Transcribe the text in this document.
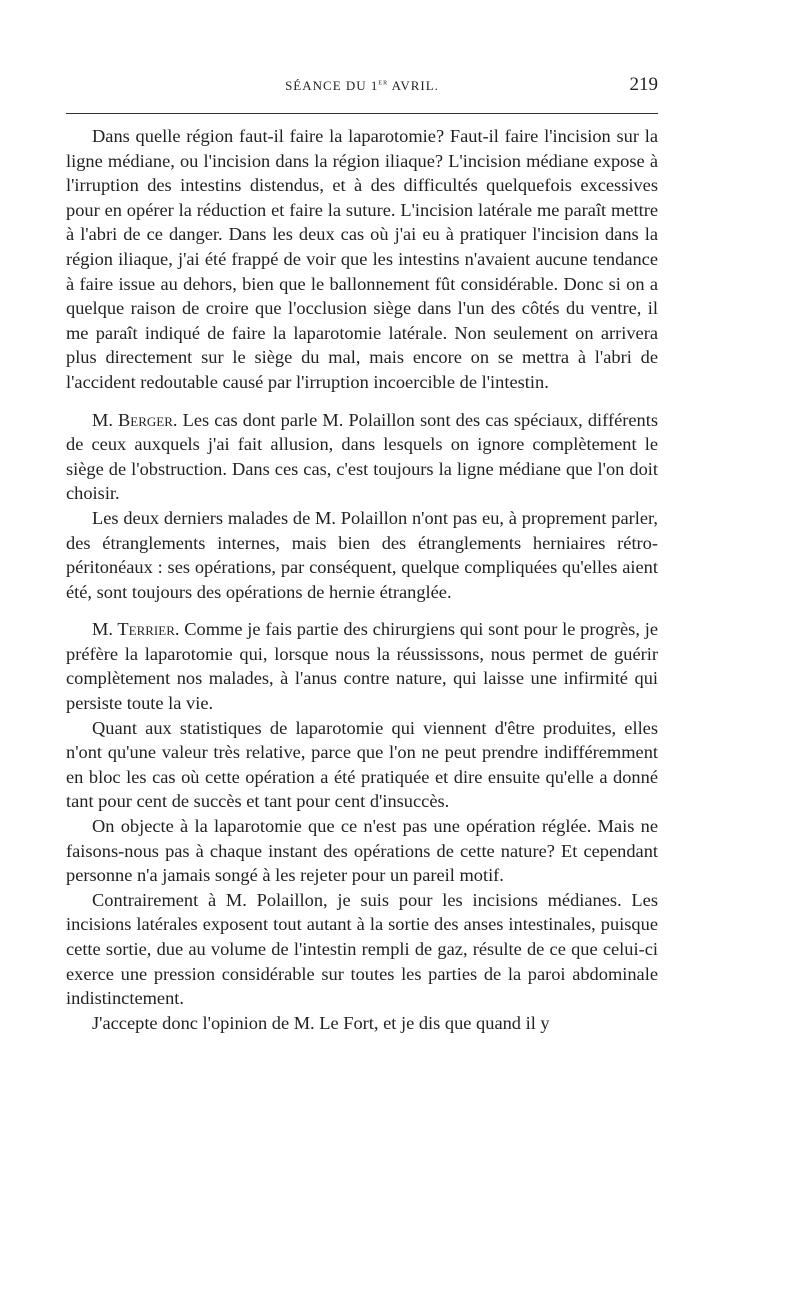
SÉANCE DU 1er AVRIL.	219

Dans quelle région faut-il faire la laparotomie? Faut-il faire l'incision sur la ligne médiane, ou l'incision dans la région iliaque? L'incision médiane expose à l'irruption des intestins distendus, et à des difficultés quelquefois excessives pour en opérer la réduction et faire la suture. L'incision latérale me paraît mettre à l'abri de ce danger. Dans les deux cas où j'ai eu à pratiquer l'incision dans la région iliaque, j'ai été frappé de voir que les intestins n'avaient aucune tendance à faire issue au dehors, bien que le ballonnement fût considérable. Donc si on a quelque raison de croire que l'occlusion siège dans l'un des côtés du ventre, il me paraît indiqué de faire la laparotomie latérale. Non seulement on arrivera plus directement sur le siège du mal, mais encore on se mettra à l'abri de l'accident redoutable causé par l'irruption incoercible de l'intestin.

M. Berger. Les cas dont parle M. Polaillon sont des cas spéciaux, différents de ceux auxquels j'ai fait allusion, dans lesquels on ignore complètement le siège de l'obstruction. Dans ces cas, c'est toujours la ligne médiane que l'on doit choisir.

Les deux derniers malades de M. Polaillon n'ont pas eu, à proprement parler, des étranglements internes, mais bien des étranglements herniaires rétro-péritonéaux : ses opérations, par conséquent, quelque compliquées qu'elles aient été, sont toujours des opérations de hernie étranglée.

M. Terrier. Comme je fais partie des chirurgiens qui sont pour le progrès, je préfère la laparotomie qui, lorsque nous la réussissons, nous permet de guérir complètement nos malades, à l'anus contre nature, qui laisse une infirmité qui persiste toute la vie.

Quant aux statistiques de laparotomie qui viennent d'être produites, elles n'ont qu'une valeur très relative, parce que l'on ne peut prendre indifféremment en bloc les cas où cette opération a été pratiquée et dire ensuite qu'elle a donné tant pour cent de succès et tant pour cent d'insuccès.

On objecte à la laparotomie que ce n'est pas une opération réglée. Mais ne faisons-nous pas à chaque instant des opérations de cette nature? Et cependant personne n'a jamais songé à les rejeter pour un pareil motif.

Contrairement à M. Polaillon, je suis pour les incisions médianes. Les incisions latérales exposent tout autant à la sortie des anses intestinales, puisque cette sortie, due au volume de l'intestin rempli de gaz, résulte de ce que celui-ci exerce une pression considérable sur toutes les parties de la paroi abdominale indistinctement.

J'accepte donc l'opinion de M. Le Fort, et je dis que quand il y
